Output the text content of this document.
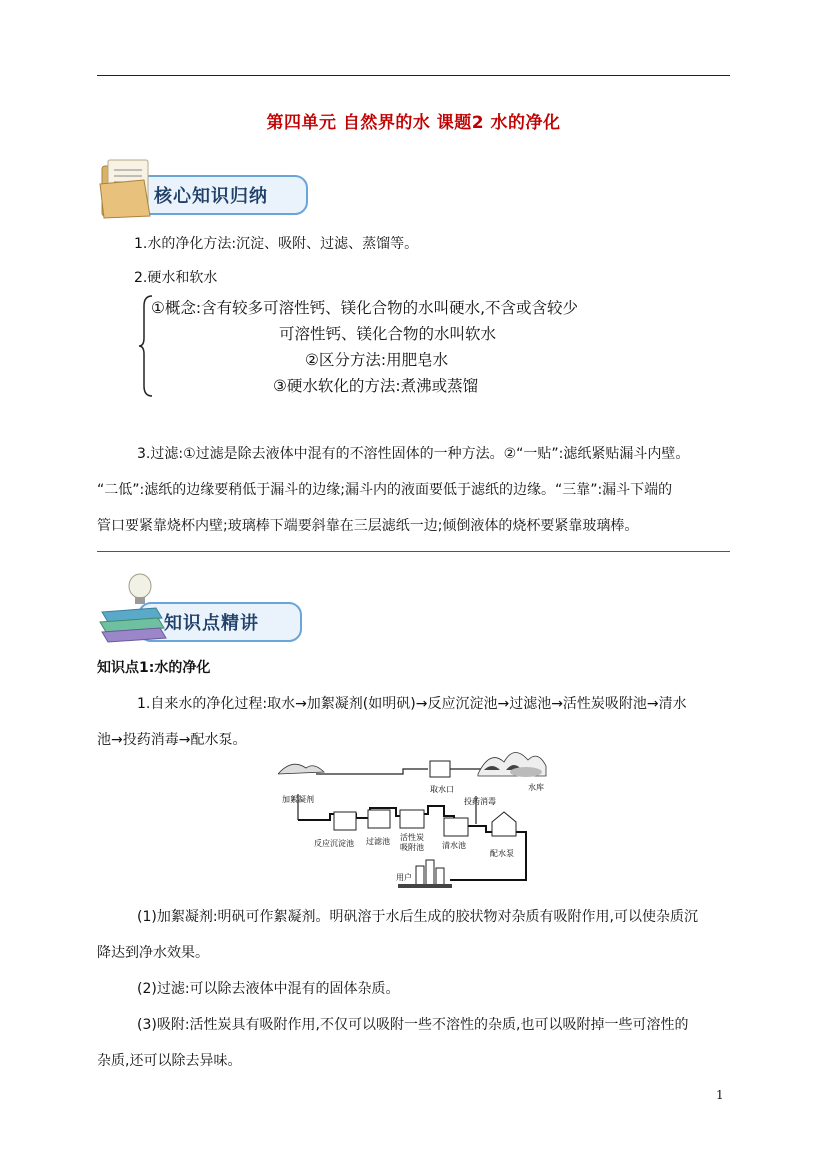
第四单元 自然界的水 课题2 水的净化
核心知识归纳
1.水的净化方法:沉淀、吸附、过滤、蒸馏等。
2.硬水和软水
①概念:含有较多可溶性钙、镁化合物的水叫硬水,不含或含较少
可溶性钙、镁化合物的水叫软水
②区分方法:用肥皂水
③硬水软化的方法:煮沸或蒸馏
3.过滤:①过滤是除去液体中混有的不溶性固体的一种方法。②“一贴”:滤纸紧贴漏斗内壁。
“二低”:滤纸的边缘要稍低于漏斗的边缘;漏斗内的液面要低于滤纸的边缘。“三靠”:漏斗下端的
管口要紧靠烧杯内壁;玻璃棒下端要斜靠在三层滤纸一边;倾倒液体的烧杯要紧靠玻璃棒。
知识点精讲
知识点1:水的净化
1.自来水的净化过程:取水→加絮凝剂(如明矾)→反应沉淀池→过滤池→活性炭吸附池→清水
池→投药消毒→配水泵。
加絮凝剂
取水口	水库
投药消毒
反应沉淀池 过滤池 活性炭
吸附池 清水池
配水泵
用户
(1)加絮凝剂:明矾可作絮凝剂。明矾溶于水后生成的胶状物对杂质有吸附作用,可以使杂质沉
降达到净水效果。
(2)过滤:可以除去液体中混有的固体杂质。
(3)吸附:活性炭具有吸附作用,不仅可以吸附一些不溶性的杂质,也可以吸附掉一些可溶性的
杂质,还可以除去异味。
1
